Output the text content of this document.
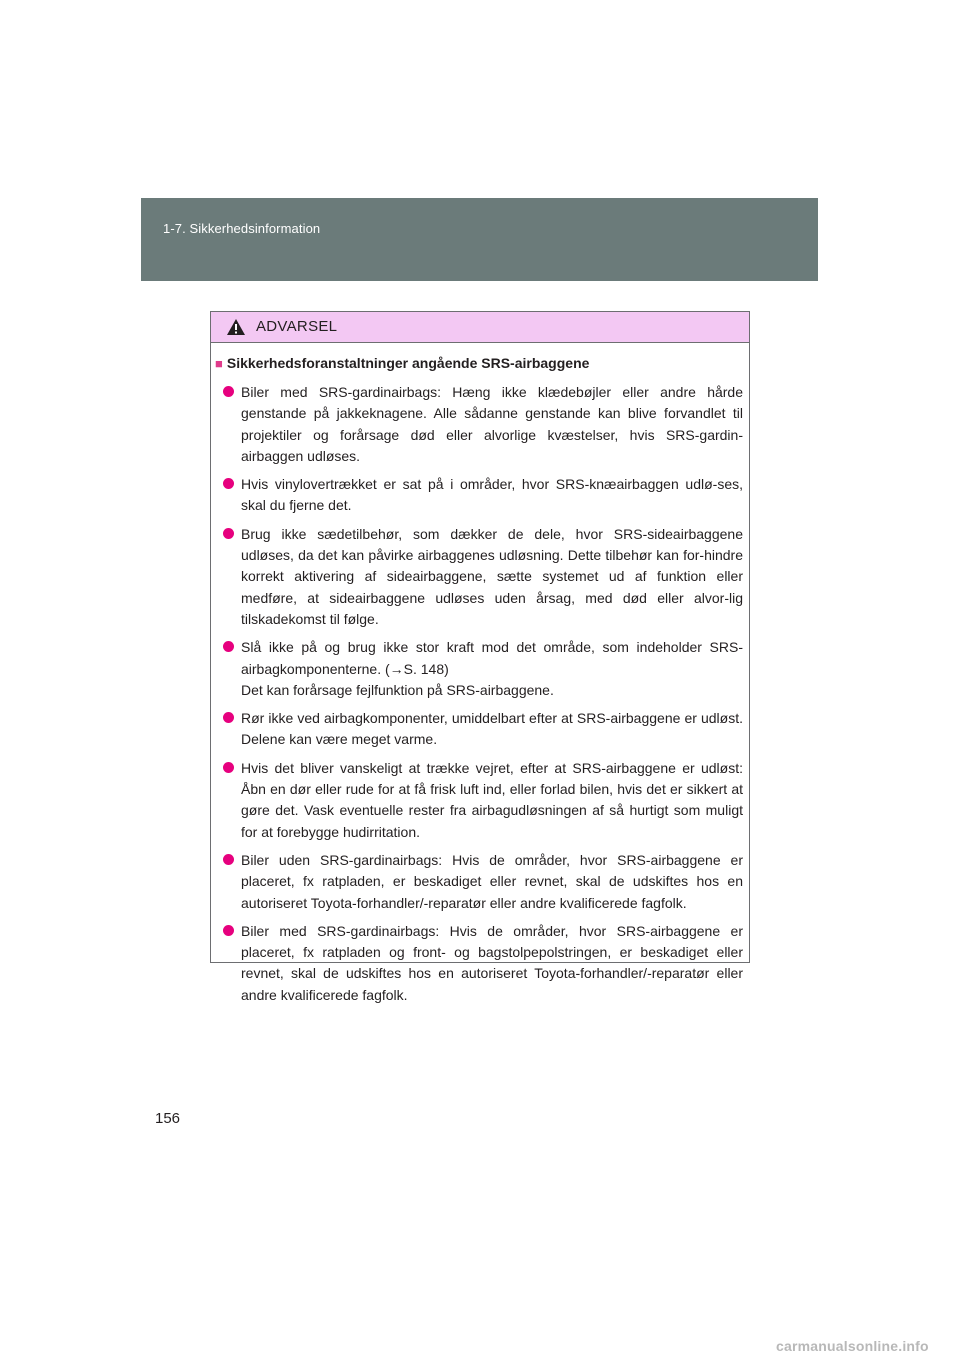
1-7. Sikkerhedsinformation
ADVARSEL
■ Sikkerhedsforanstaltninger angående SRS-airbaggene

Biler med SRS-gardinairbags: Hæng ikke klædebøjler eller andre hårde genstande på jakkeknagene. Alle sådanne genstande kan blive forvandlet til projektiler og forårsage død eller alvorlige kvæstelser, hvis SRS-gardin-airbaggen udløses.

Hvis vinylovertrækket er sat på i områder, hvor SRS-knæairbaggen udlø-ses, skal du fjerne det.

Brug ikke sædetilbehør, som dækker de dele, hvor SRS-sideairbaggene udløses, da det kan påvirke airbaggenes udløsning. Dette tilbehør kan for-hindre korrekt aktivering af sideairbaggene, sætte systemet ud af funktion eller medføre, at sideairbaggene udløses uden årsag, med død eller alvor-lig tilskadekomst til følge.

Slå ikke på og brug ikke stor kraft mod det område, som indeholder SRS-airbagkomponenterne. (→S. 148)

Det kan forårsage fejlfunktion på SRS-airbaggene.

Rør ikke ved airbagkomponenter, umiddelbart efter at SRS-airbaggene er udløst. Delene kan være meget varme.

Hvis det bliver vanskeligt at trække vejret, efter at SRS-airbaggene er udløst: Åbn en dør eller rude for at få frisk luft ind, eller forlad bilen, hvis det er sikkert at gøre det. Vask eventuelle rester fra airbagudløsningen af så hurtigt som muligt for at forebygge hudirritation.

Biler uden SRS-gardinairbags: Hvis de områder, hvor SRS-airbaggene er placeret, fx ratpladen, er beskadiget eller revnet, skal de udskiftes hos en autoriseret Toyota-forhandler/-reparatør eller andre kvalificerede fagfolk.

Biler med SRS-gardinairbags: Hvis de områder, hvor SRS-airbaggene er placeret, fx ratpladen og front- og bagstolpepolstringen, er beskadiget eller revnet, skal de udskiftes hos en autoriseret Toyota-forhandler/-reparatør eller andre kvalificerede fagfolk.

156
carmanualsonline.info
